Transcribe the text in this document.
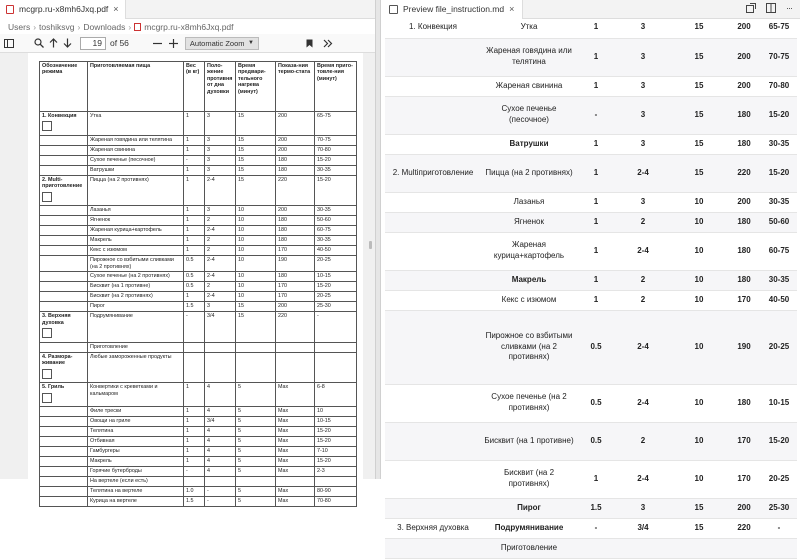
mcgrp.ru-x8mh6Jxq.pdf ×
Users › toshiksvg › Downloads › mcgrp.ru-x8mh6Jxq.pdf
19 of 56	Automatic Zoom ▼
Обозначение режима	Приготовляемая пища	Вес (в кг)	Поло-жение противня от дна духовки	Время предвари-тельного нагрева (минут)	Показа-ния термо-стата	Время приго-товле-ния (минут)
1. Конвекция	Утка	1	3	15	200	65-75
	Жареная говядина или телятина	1	3	15	200	70-75
	Жареная свинина	1	3	15	200	70-80
	Сухое печенье (песочное)	-	3	15	180	15-20
	Ватрушки	1	3	15	180	30-35
2. Multi-приготовление	Пицца (на 2 противнях)	1	2-4	15	220	15-20
	Лазанья	1	3	10	200	30-35
	Ягненок	1	2	10	180	50-60
	Жареная курица+картофель	1	2-4	10	180	60-75
	Макрель	1	2	10	180	30-35
	Кекс с изюмом	1	2	10	170	40-50
	Пирожное со взбитыми сливками (на 2 противнях)	0.5	2-4	10	190	20-25
	Сухое печенье (на 2 противнях)	0.5	2-4	10	180	10-15
	Бисквит (на 1 противне)	0.5	2	10	170	15-20
	Бисквит (на 2 противнях)	1	2-4	10	170	20-25
	Пирог	1.5	3	15	200	25-30
3. Верхняя духовка	Подрумянивание	-	3/4	15	220	-
	Приготовление					
4. Размора-живание	Любые замороженные продукты					
5. Гриль	Конвертики с креветками и кальмаром	1	4	5	Max	6-8
	Филе трески	1	4	5	Max	10
	Овощи на гриле	1	3/4	5	Max	10-15
	Телятина	1	4	5	Max	15-20
	Отбивная	1	4	5	Max	15-20
	Гамбургеры	1	4	5	Max	7-10
	Макрель	1	4	5	Max	15-20
	Горячие бутерброды	-	4	5	Max	2-3
	На вертеле (если есть)					
	Телятина на вертеле	1.0	-	5	Max	80-90
	Курица на вертеле	1.5	-	5	Max	70-80
Preview file_instruction.md ×	···
1. Конвекция	Утка	1	3	15	200	65-75
	Жареная говядина или телятина	1	3	15	200	70-75
	Жареная свинина	1	3	15	200	70-80
	Сухое печенье (песочное)	-	3	15	180	15-20
	Ватрушки	1	3	15	180	30-35
2. Multiприготовление	Пицца (на 2 противнях)	1	2-4	15	220	15-20
	Лазанья	1	3	10	200	30-35
	Ягненок	1	2	10	180	50-60
	Жареная курица+картофель	1	2-4	10	180	60-75
	Макрель	1	2	10	180	30-35
	Кекс с изюмом	1	2	10	170	40-50
	Пирожное со взбитыми сливками (на 2 противнях)	0.5	2-4	10	190	20-25
	Сухое печенье (на 2 противнях)	0.5	2-4	10	180	10-15
	Бисквит (на 1 противне)	0.5	2	10	170	15-20
	Бисквит (на 2 противнях)	1	2-4	10	170	20-25
	Пирог	1.5	3	15	200	25-30
3. Верхняя духовка	Подрумянивание	-	3/4	15	220	-
	Приготовление					
